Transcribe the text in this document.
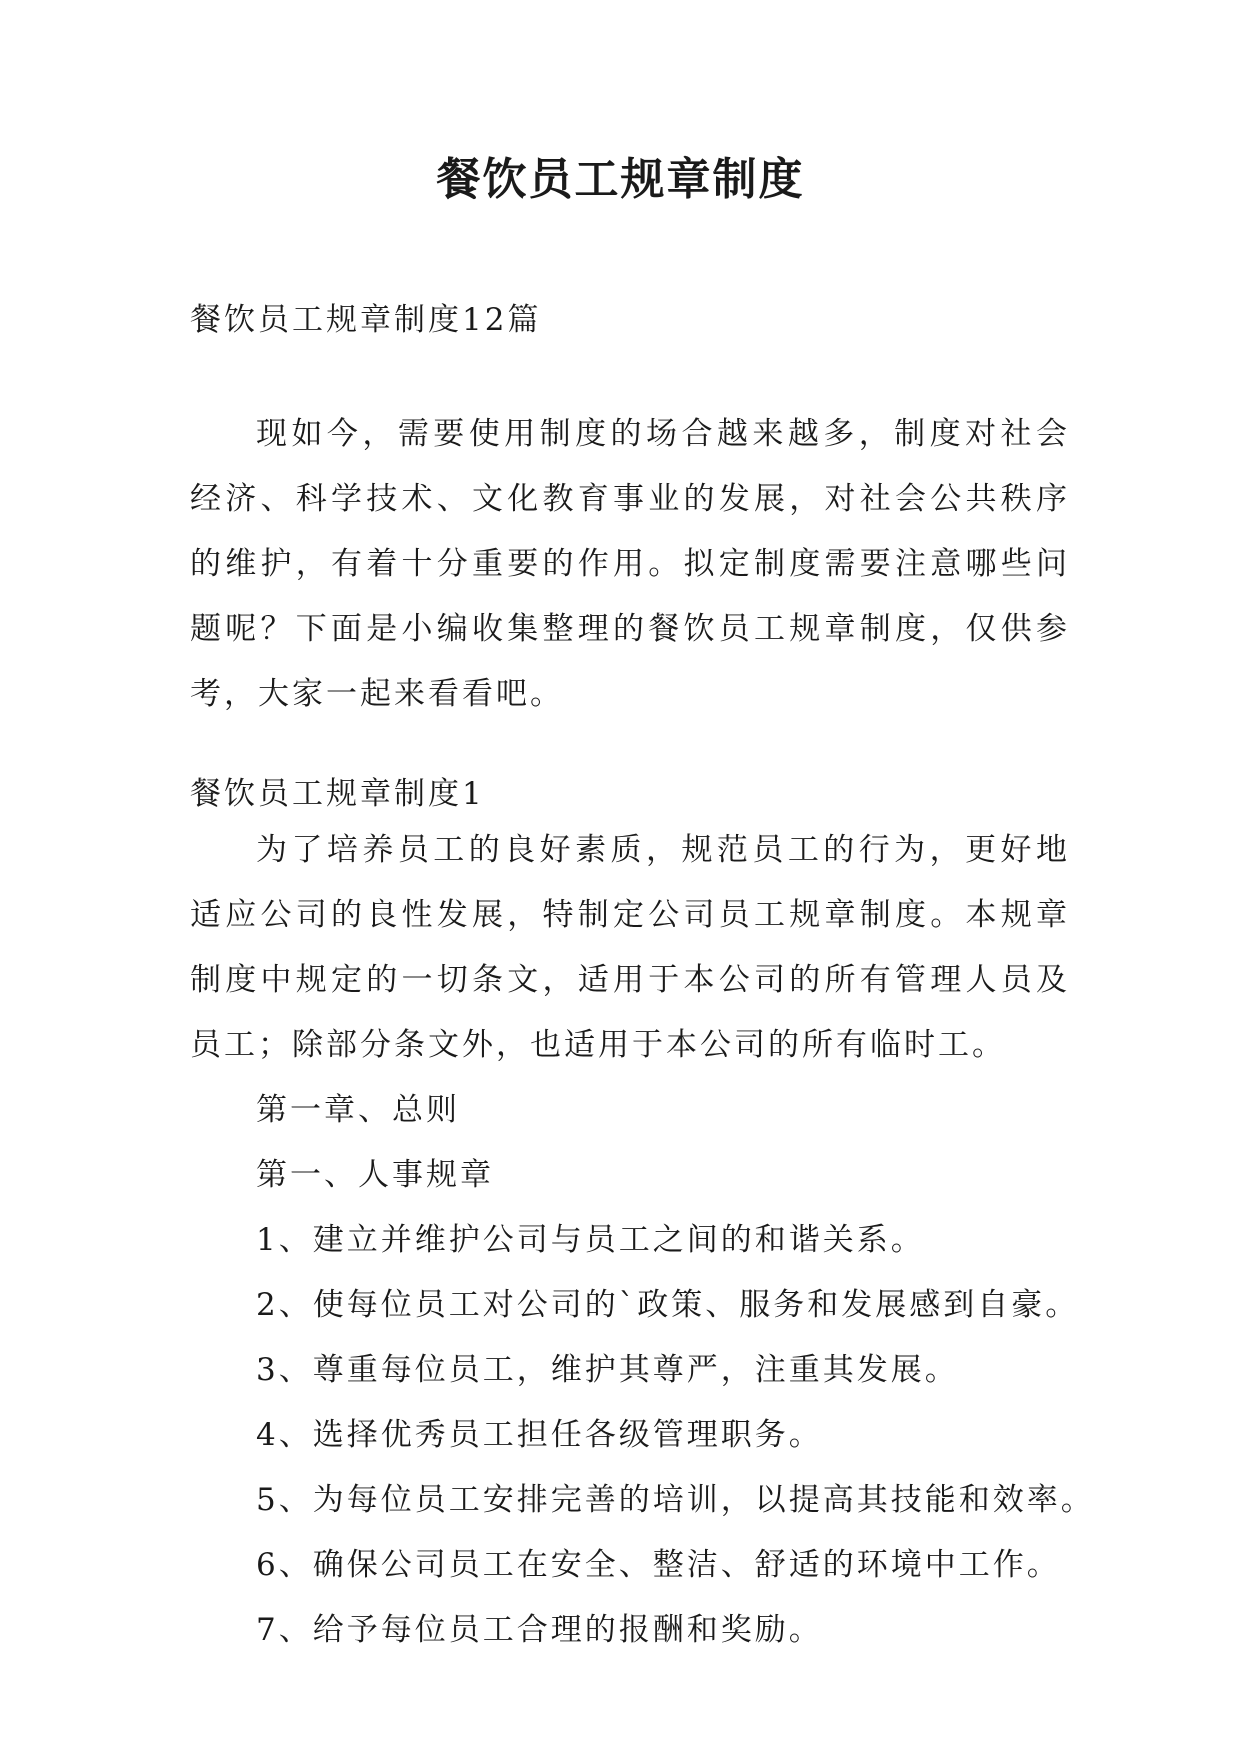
餐饮员工规章制度

餐饮员工规章制度12篇

现如今，需要使用制度的场合越来越多，制度对社会经济、科学技术、文化教育事业的发展，对社会公共秩序的维护，有着十分重要的作用。拟定制度需要注意哪些问题呢？下面是小编收集整理的餐饮员工规章制度，仅供参考，大家一起来看看吧。

餐饮员工规章制度1

为了培养员工的良好素质，规范员工的行为，更好地适应公司的良性发展，特制定公司员工规章制度。本规章制度中规定的一切条文，适用于本公司的所有管理人员及员工；除部分条文外，也适用于本公司的所有临时工。

第一章、总则

第一、人事规章

1、建立并维护公司与员工之间的和谐关系。

2、使每位员工对公司的`政策、服务和发展感到自豪。

3、尊重每位员工，维护其尊严，注重其发展。

4、选择优秀员工担任各级管理职务。

5、为每位员工安排完善的培训，以提高其技能和效率。

6、确保公司员工在安全、整洁、舒适的环境中工作。

7、给予每位员工合理的报酬和奖励。
